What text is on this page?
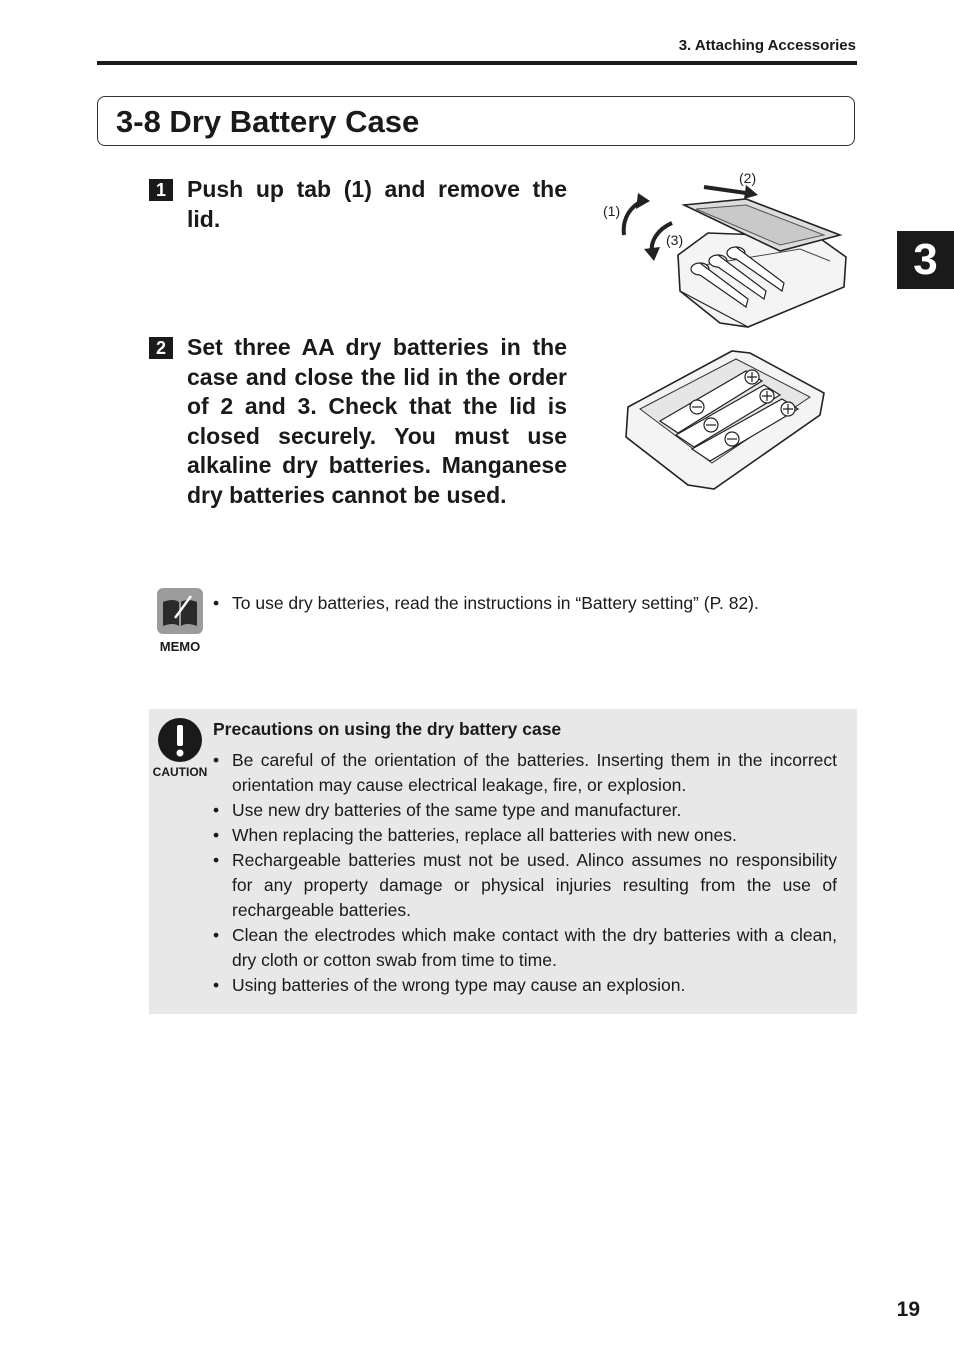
3. Attaching Accessories
3-8 Dry Battery Case
1 Push up tab (1) and remove the lid.	(1)
(2)
(3)
2 Set three AA dry batteries in the case and close the lid in the order of 2 and 3. Check that the lid is closed securely. You must use alkaline dry batteries. Manganese dry batteries cannot be used.
MEMO
• To use dry batteries, read the instructions in “Battery setting” (P. 82).
CAUTION
Precautions on using the dry battery case
• Be careful of the orientation of the batteries. Inserting them in the incorrect orientation may cause electrical leakage, fire, or explosion.
• Use new dry batteries of the same type and manufacturer.
• When replacing the batteries, replace all batteries with new ones.
• Rechargeable batteries must not be used. Alinco assumes no responsibility for any property damage or physical injuries resulting from the use of rechargeable batteries.
• Clean the electrodes which make contact with the dry batteries with a clean, dry cloth or cotton swab from time to time.
• Using batteries of the wrong type may cause an explosion.
3
19
